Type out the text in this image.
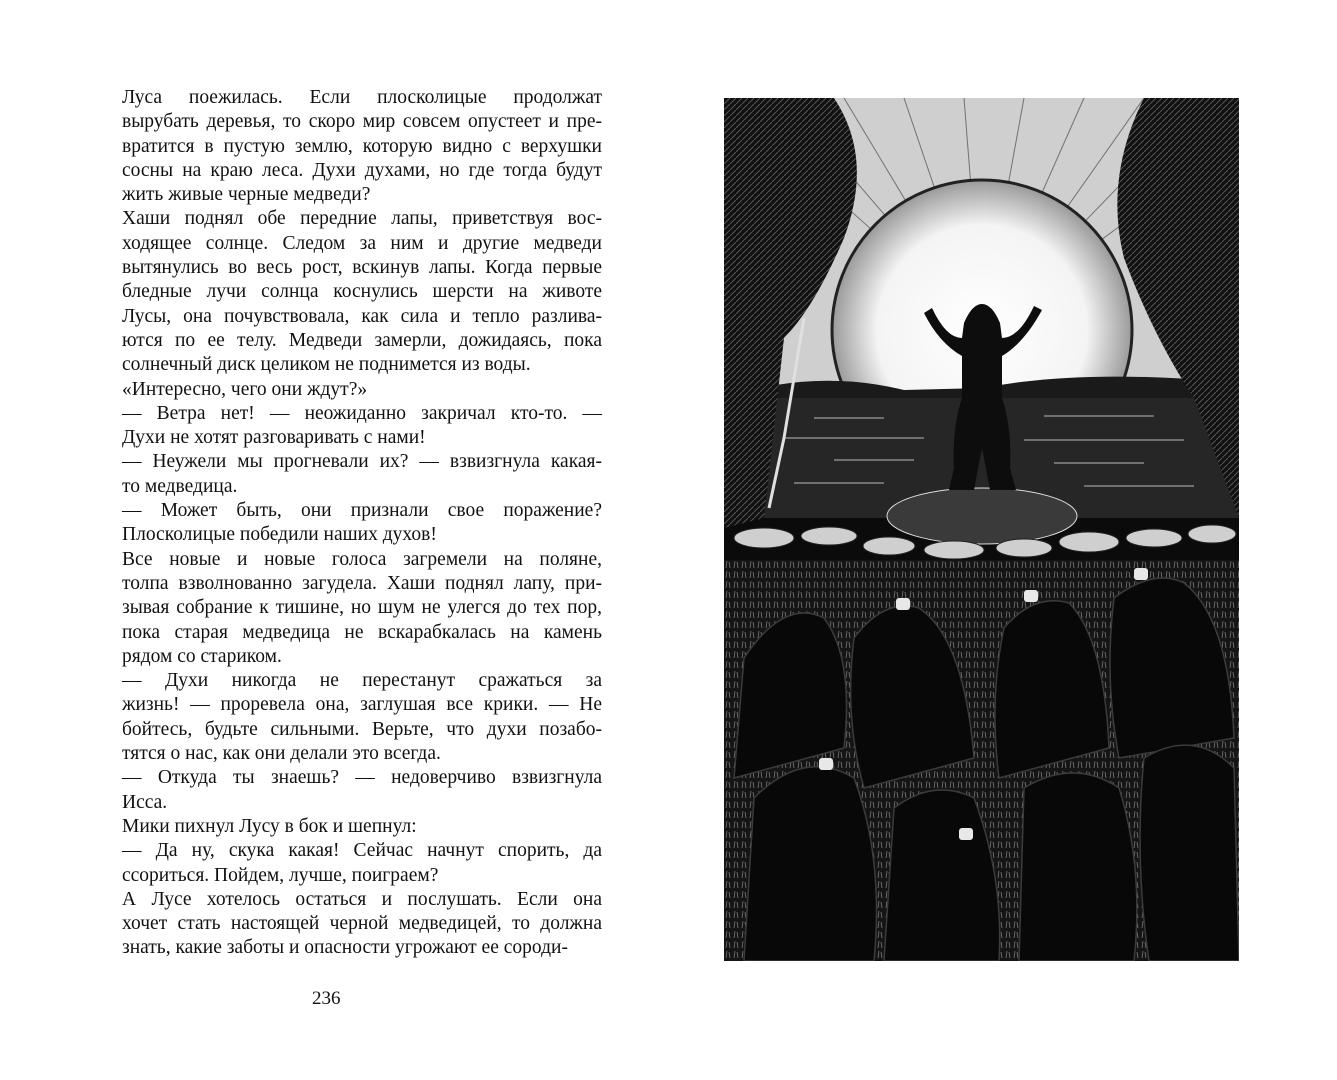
Луса поежилась. Если плосколицые продолжат
вырубать деревья, то скоро мир совсем опустеет и пре-
вратится в пустую землю, которую видно с верхушки
сосны на краю леса. Духи духами, но где тогда будут
жить живые черные медведи?
Хаши поднял обе передние лапы, приветствуя вос-
ходящее солнце. Следом за ним и другие медведи
вытянулись во весь рост, вскинув лапы. Когда первые
бледные лучи солнца коснулись шерсти на животе
Лусы, она почувствовала, как сила и тепло разлива-
ются по ее телу. Медведи замерли, дожидаясь, пока
солнечный диск целиком не поднимется из воды.
«Интересно, чего они ждут?»
— Ветра нет! — неожиданно закричал кто-то. —
Духи не хотят разговаривать с нами!
— Неужели мы прогневали их? — взвизгнула какая-
то медведица.
— Может быть, они признали свое поражение?
Плосколицые победили наших духов!
Все новые и новые голоса загремели на поляне,
толпа взволнованно загудела. Хаши поднял лапу, при-
зывая собрание к тишине, но шум не улегся до тех пор,
пока старая медведица не вскарабкалась на камень
рядом со стариком.
— Духи никогда не перестанут сражаться за
жизнь! — проревела она, заглушая все крики. — Не
бойтесь, будьте сильными. Верьте, что духи позабо-
тятся о нас, как они делали это всегда.
— Откуда ты знаешь? — недоверчиво взвизгнула
Исса.
Мики пихнул Лусу в бок и шепнул:
— Да ну, скука какая! Сейчас начнут спорить, да
ссориться. Пойдем, лучше, поиграем?
А Лусе хотелось остаться и послушать. Если она
хочет стать настоящей черной медведицей, то должна
знать, какие заботы и опасности угрожают ее сороди-
236
